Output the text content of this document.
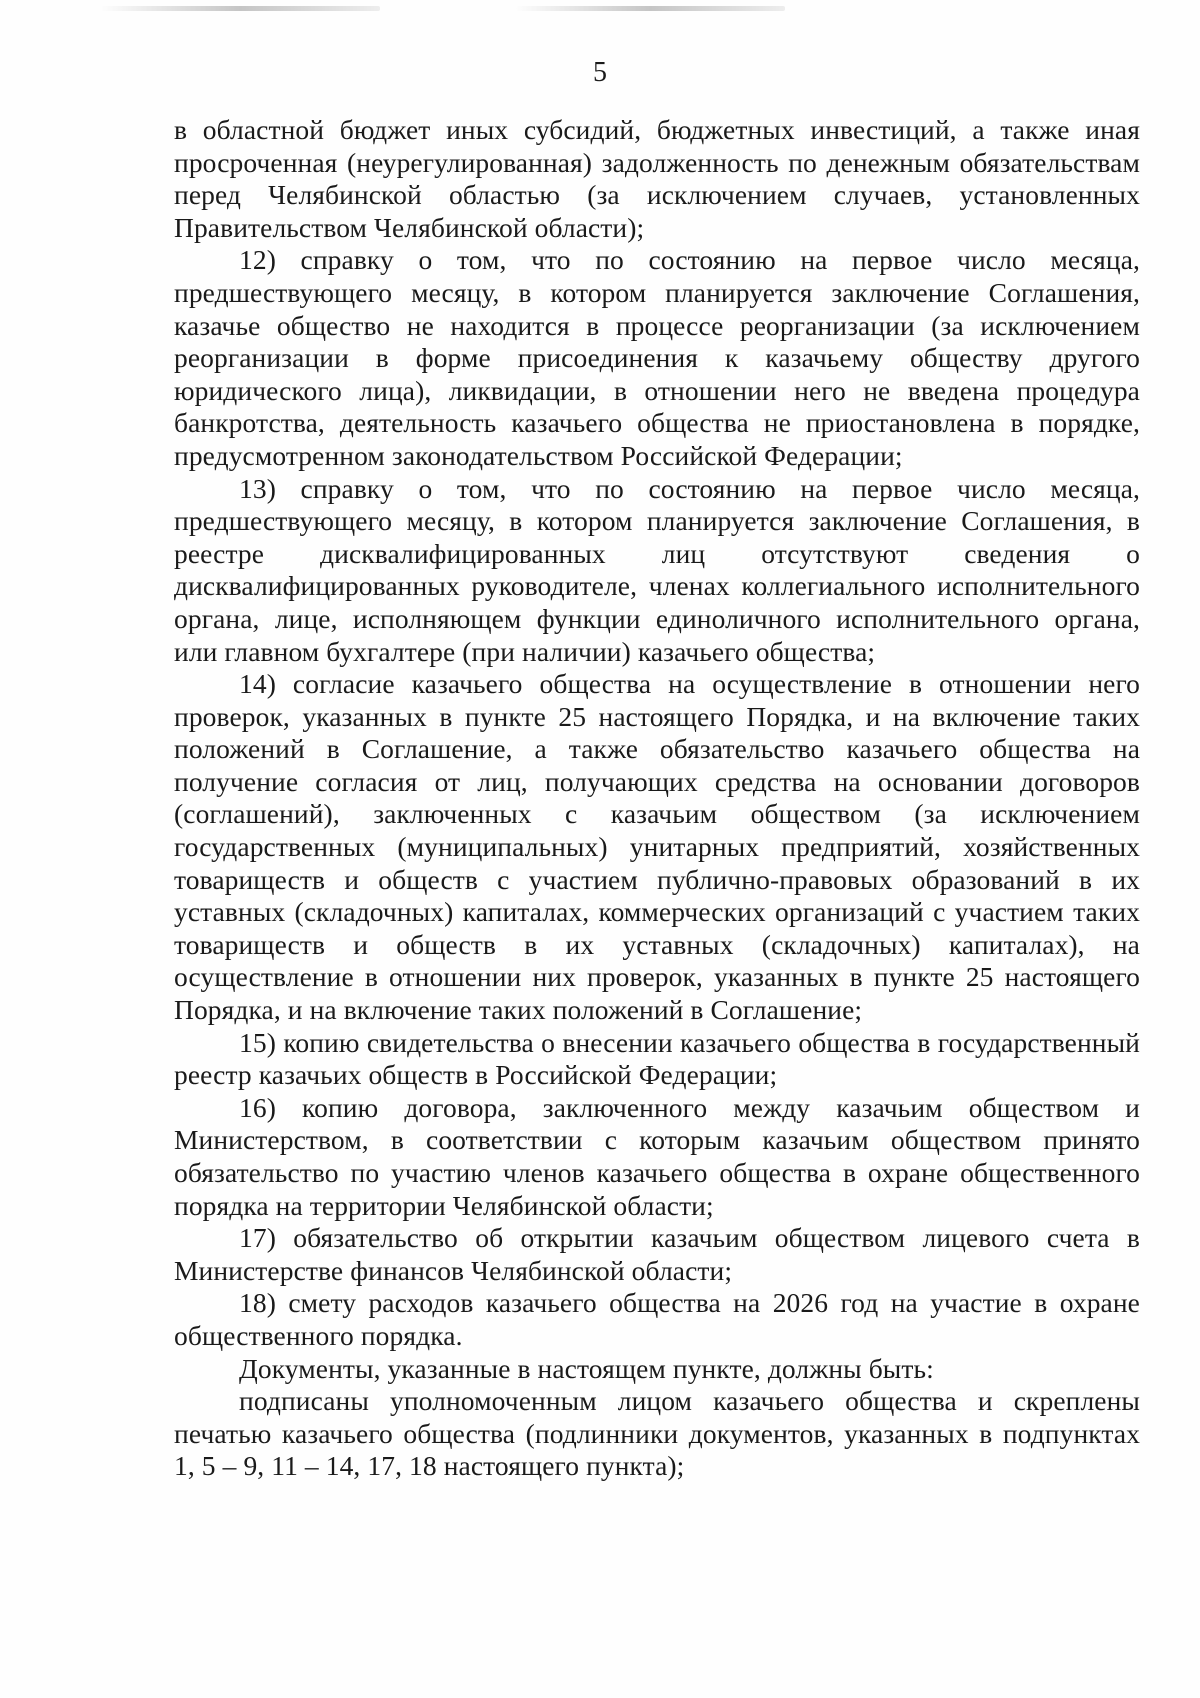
5

в областной бюджет иных субсидий, бюджетных инвестиций, а также иная просроченная (неурегулированная) задолженность по денежным обязательствам перед Челябинской областью (за исключением случаев, установленных Правительством Челябинской области);

12) справку о том, что по состоянию на первое число месяца, предшествующего месяцу, в котором планируется заключение Соглашения, казачье общество не находится в процессе реорганизации (за исключением реорганизации в форме присоединения к казачьему обществу другого юридического лица), ликвидации, в отношении него не введена процедура банкротства, деятельность казачьего общества не приостановлена в порядке, предусмотренном законодательством Российской Федерации;

13) справку о том, что по состоянию на первое число месяца, предшествующего месяцу, в котором планируется заключение Соглашения, в реестре дисквалифицированных лиц отсутствуют сведения о дисквалифицированных руководителе, членах коллегиального исполнительного органа, лице, исполняющем функции единоличного исполнительного органа, или главном бухгалтере (при наличии) казачьего общества;

14) согласие казачьего общества на осуществление в отношении него проверок, указанных в пункте 25 настоящего Порядка, и на включение таких положений в Соглашение, а также обязательство казачьего общества на получение согласия от лиц, получающих средства на основании договоров (соглашений), заключенных с казачьим обществом (за исключением государственных (муниципальных) унитарных предприятий, хозяйственных товариществ и обществ с участием публично-правовых образований в их уставных (складочных) капиталах, коммерческих организаций с участием таких товариществ и обществ в их уставных (складочных) капиталах), на осуществление в отношении них проверок, указанных в пункте 25 настоящего Порядка, и на включение таких положений в Соглашение;

15) копию свидетельства о внесении казачьего общества в государственный реестр казачьих обществ в Российской Федерации;

16) копию договора, заключенного между казачьим обществом и Министерством, в соответствии с которым казачьим обществом принято обязательство по участию членов казачьего общества в охране общественного порядка на территории Челябинской области;

17) обязательство об открытии казачьим обществом лицевого счета в Министерстве финансов Челябинской области;

18) смету расходов казачьего общества на 2026 год на участие в охране общественного порядка.

Документы, указанные в настоящем пункте, должны быть:

подписаны уполномоченным лицом казачьего общества и скреплены печатью казачьего общества (подлинники документов, указанных в подпунктах 1, 5 – 9, 11 – 14, 17, 18 настоящего пункта);
